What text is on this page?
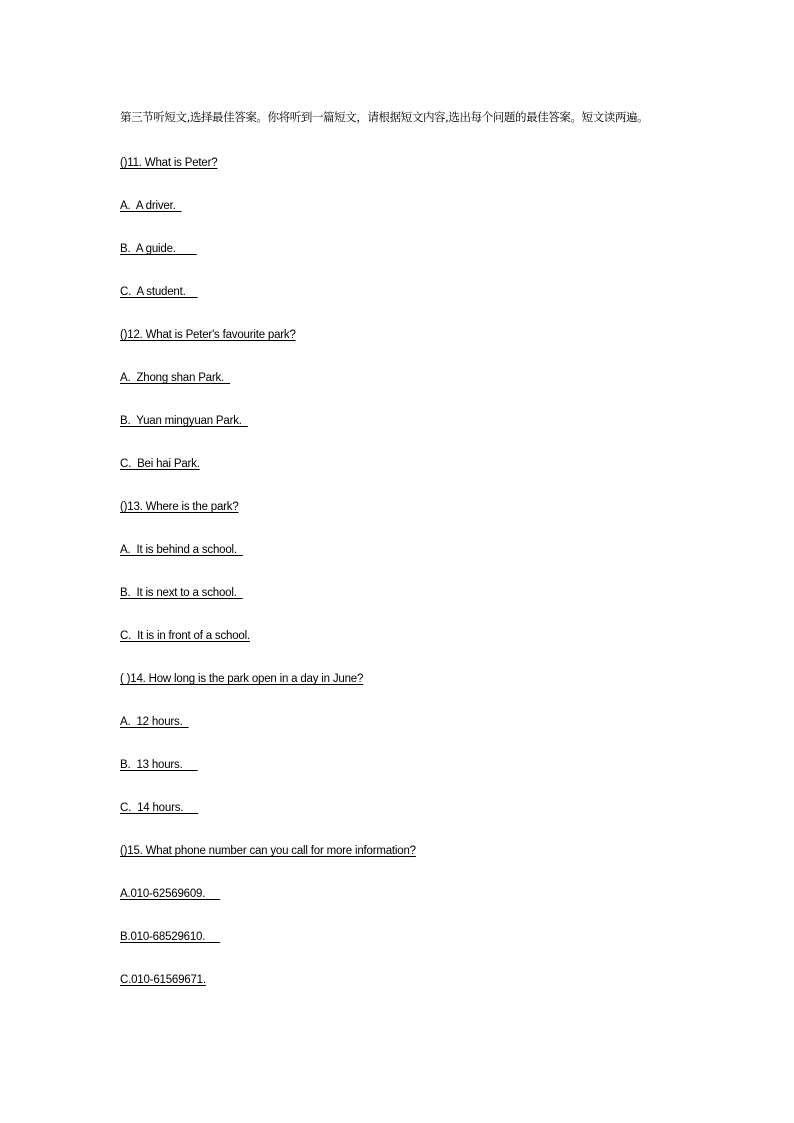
第三节听短文,选择最佳答案。你将听到一篇短文，请根据短文内容,选出每个问题的最佳答案。短文读两遍。
()11. What is Peter?
A.  A driver.
B.  A guide.
C.  A student.
()12. What is Peter's favourite park?
A.  Zhong shan Park.
B.  Yuan mingyuan Park.
C.  Bei hai Park.
()13. Where is the park?
A.  It is behind a school.
B.  It is next to a school.
C.  It is in front of a school.
( )14. How long is the park open in a day in June?
A.  12 hours.
B.  13 hours.
C.  14 hours.
()15. What phone number can you call for more information?
A.010-62569609.
B.010-68529610.
C.010-61569671.
